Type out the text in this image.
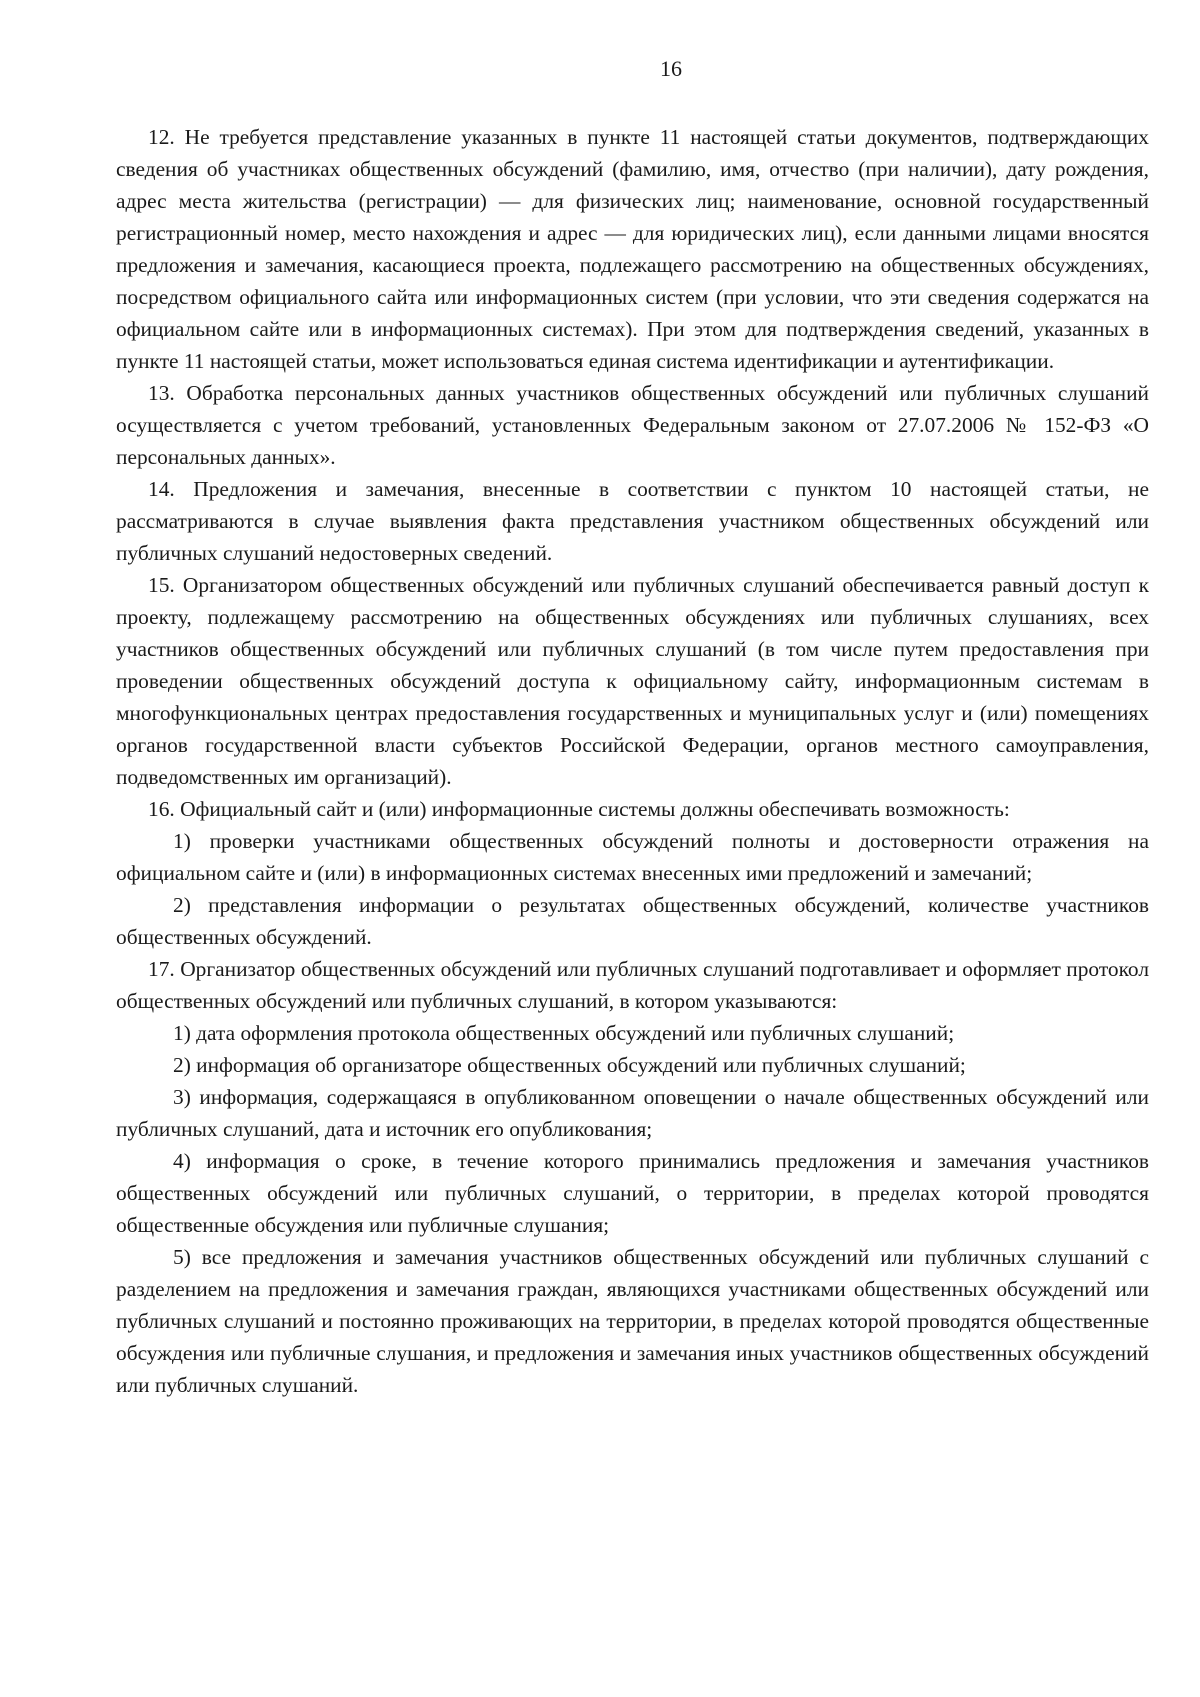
16

12. Не требуется представление указанных в пункте 11 настоящей статьи документов, подтверждающих сведения об участниках общественных обсуждений (фамилию, имя, отчество (при наличии), дату рождения, адрес места жительства (регистрации) — для физических лиц; наименование, основной государственный регистрационный номер, место нахождения и адрес — для юридических лиц), если данными лицами вносятся предложения и замечания, касающиеся проекта, подлежащего рассмотрению на общественных обсуждениях, посредством официального сайта или информационных систем (при условии, что эти сведения содержатся на официальном сайте или в информационных системах). При этом для подтверждения сведений, указанных в пункте 11 настоящей статьи, может использоваться единая система идентификации и аутентификации.

13. Обработка персональных данных участников общественных обсуждений или публичных слушаний осуществляется с учетом требований, установленных Федеральным законом от 27.07.2006 № 152-ФЗ «О персональных данных».

14. Предложения и замечания, внесенные в соответствии с пунктом 10 настоящей статьи, не рассматриваются в случае выявления факта представления участником общественных обсуждений или публичных слушаний недостоверных сведений.

15. Организатором общественных обсуждений или публичных слушаний обеспечивается равный доступ к проекту, подлежащему рассмотрению на общественных обсуждениях или публичных слушаниях, всех участников общественных обсуждений или публичных слушаний (в том числе путем предоставления при проведении общественных обсуждений доступа к официальному сайту, информационным системам в многофункциональных центрах предоставления государственных и муниципальных услуг и (или) помещениях органов государственной власти субъектов Российской Федерации, органов местного самоуправления, подведомственных им организаций).

16. Официальный сайт и (или) информационные системы должны обеспечивать возможность:

1) проверки участниками общественных обсуждений полноты и достоверности отражения на официальном сайте и (или) в информационных системах внесенных ими предложений и замечаний;

2) представления информации о результатах общественных обсуждений, количестве участников общественных обсуждений.

17. Организатор общественных обсуждений или публичных слушаний подготавливает и оформляет протокол общественных обсуждений или публичных слушаний, в котором указываются:

1) дата оформления протокола общественных обсуждений или публичных слушаний;

2) информация об организаторе общественных обсуждений или публичных слушаний;

3) информация, содержащаяся в опубликованном оповещении о начале общественных обсуждений или публичных слушаний, дата и источник его опубликования;

4) информация о сроке, в течение которого принимались предложения и замечания участников общественных обсуждений или публичных слушаний, о территории, в пределах которой проводятся общественные обсуждения или публичные слушания;

5) все предложения и замечания участников общественных обсуждений или публичных слушаний с разделением на предложения и замечания граждан, являющихся участниками общественных обсуждений или публичных слушаний и постоянно проживающих на территории, в пределах которой проводятся общественные обсуждения или публичные слушания, и предложения и замечания иных участников общественных обсуждений или публичных слушаний.
